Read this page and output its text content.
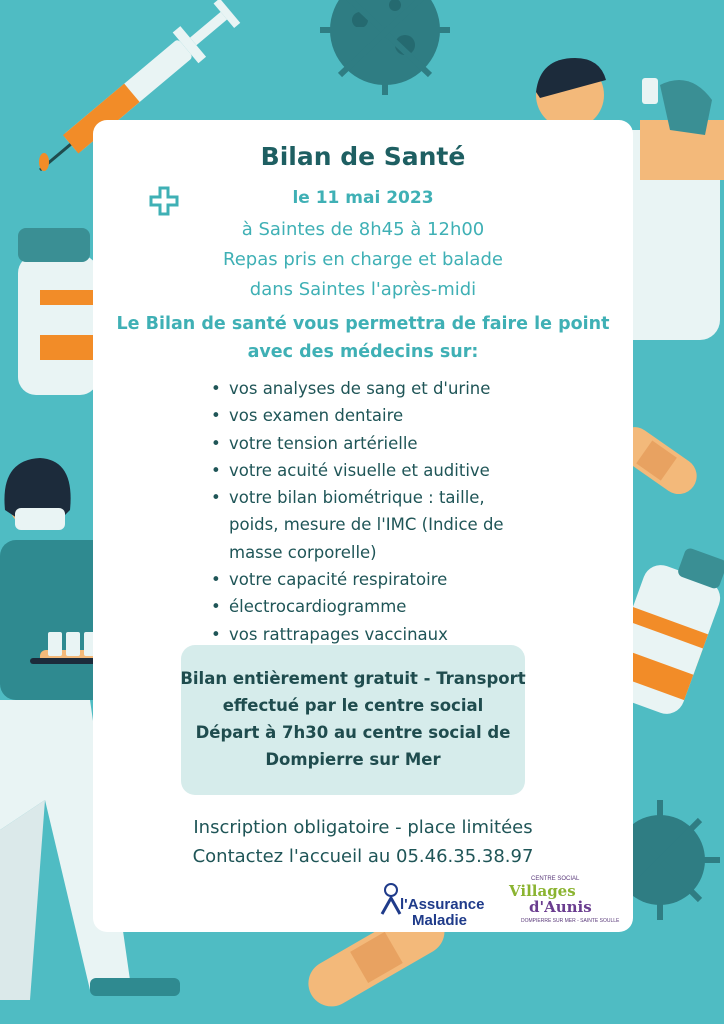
Bilan de Santé
le 11 mai 2023
à Saintes de 8h45 à 12h00
Repas pris en charge et balade
dans Saintes l'après-midi
Le Bilan de santé vous permettra de faire le point
avec des médecins sur:
• vos analyses de sang et d'urine
• vos examen dentaire
• votre tension artérielle
• votre acuité visuelle et auditive
• votre bilan biométrique : taille, poids, mesure de l'IMC (Indice de masse corporelle)
• votre capacité respiratoire
• électrocardiogramme
• vos rattrapages vaccinaux
Bilan entièrement gratuit - Transport
effectué par le centre social
Départ à 7h30 au centre social de
Dompierre sur Mer
Inscription obligatoire - place limitées
Contactez l'accueil au 05.46.35.38.97
l'Assurance
Maladie
CENTRE SOCIAL
Villages
d'Aunis
DOMPIERRE SUR MER - SAINTE SOULLE
